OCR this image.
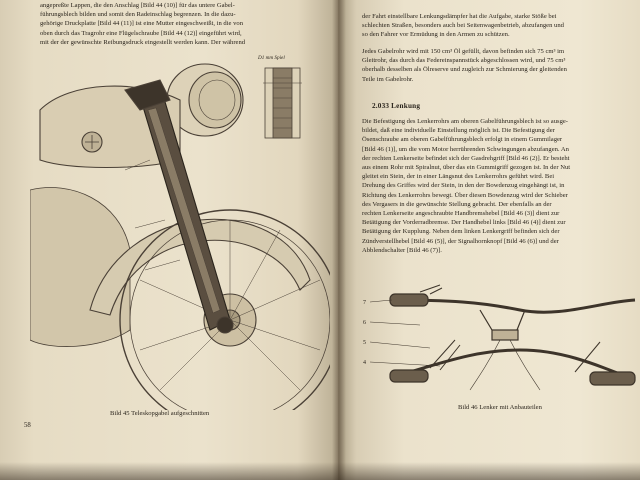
angepreßte Lappen, die den Anschlag [Bild 44 (10)] für das untere Gabel-

führungsblech bilden und somit den Radeinschlag begrenzen. In die dazu-

gehörige Druckplatte [Bild 44 (11)] ist eine Mutter eingeschweißt, in die von

oben durch das Tragrohr eine Flügelschraube [Bild 44 (12)] eingeführt wird,

mit der der gewünschte Reibungsdruck eingestellt werden kann. Der während

D1 mm Spiel
Bild 45 Teleskopgabel aufgeschnitten
58

der Fahrt einstellbare Lenkungsdämpfer hat die Aufgabe, starke Stöße bei

schlechten Straßen, besonders auch bei Seitenwagenbetrieb, abzufangen und

so den Fahrer vor Ermüdung in den Armen zu schützen.

Jedes Gabelrohr wird mit 150 cm³ Öl gefüllt, davon befinden sich 75 cm³ im

Gleitrohr, das durch das Federeinspannstück abgeschlossen wird, und 75 cm³

oberhalb desselben als Ölreserve und zugleich zur Schmierung der gleitenden

Teile im Gabelrohr.

2.033 Lenkung

Die Befestigung des Lenkerrohrs am oberen Gabelführungsblech ist so ausge-

bildet, daß eine individuelle Einstellung möglich ist. Die Befestigung der

Ösenschraube am oberen Gabelführungsblech erfolgt in einem Gummilager

[Bild 46 (1)], um die vom Motor herrührenden Schwingungen abzufangen. An

der rechten Lenkerseite befindet sich der Gasdrehgriff [Bild 46 (2)]. Er besteht

aus einem Rohr mit Spiralnut, über das ein Gummigriff gezogen ist. In der Nut

gleitet ein Stein, der in einer Längsnut des Lenkerrohrs geführt wird. Bei

Drehung des Griffes wird der Stein, in den der Bowdenzug eingehängt ist, in

Richtung des Lenkerrohrs bewegt. Über diesen Bowdenzug wird der Schieber

des Vergasers in die gewünschte Stellung gebracht. Der ebenfalls an der

rechten Lenkerseite angeschraubte Handbremshebel [Bild 46 (3)] dient zur

Betätigung der Vorderradbremse. Der Handhebel links [Bild 46 (4)] dient zur

Betätigung der Kupplung. Neben dem linken Lenkergriff befinden sich der

Zündverstellhebel [Bild 46 (5)], der Signalhornknopf [Bild 46 (6)] und der

Abblendschalter [Bild 46 (7)].

7
6
5
4
Bild 46 Lenker mit Anbauteilen
